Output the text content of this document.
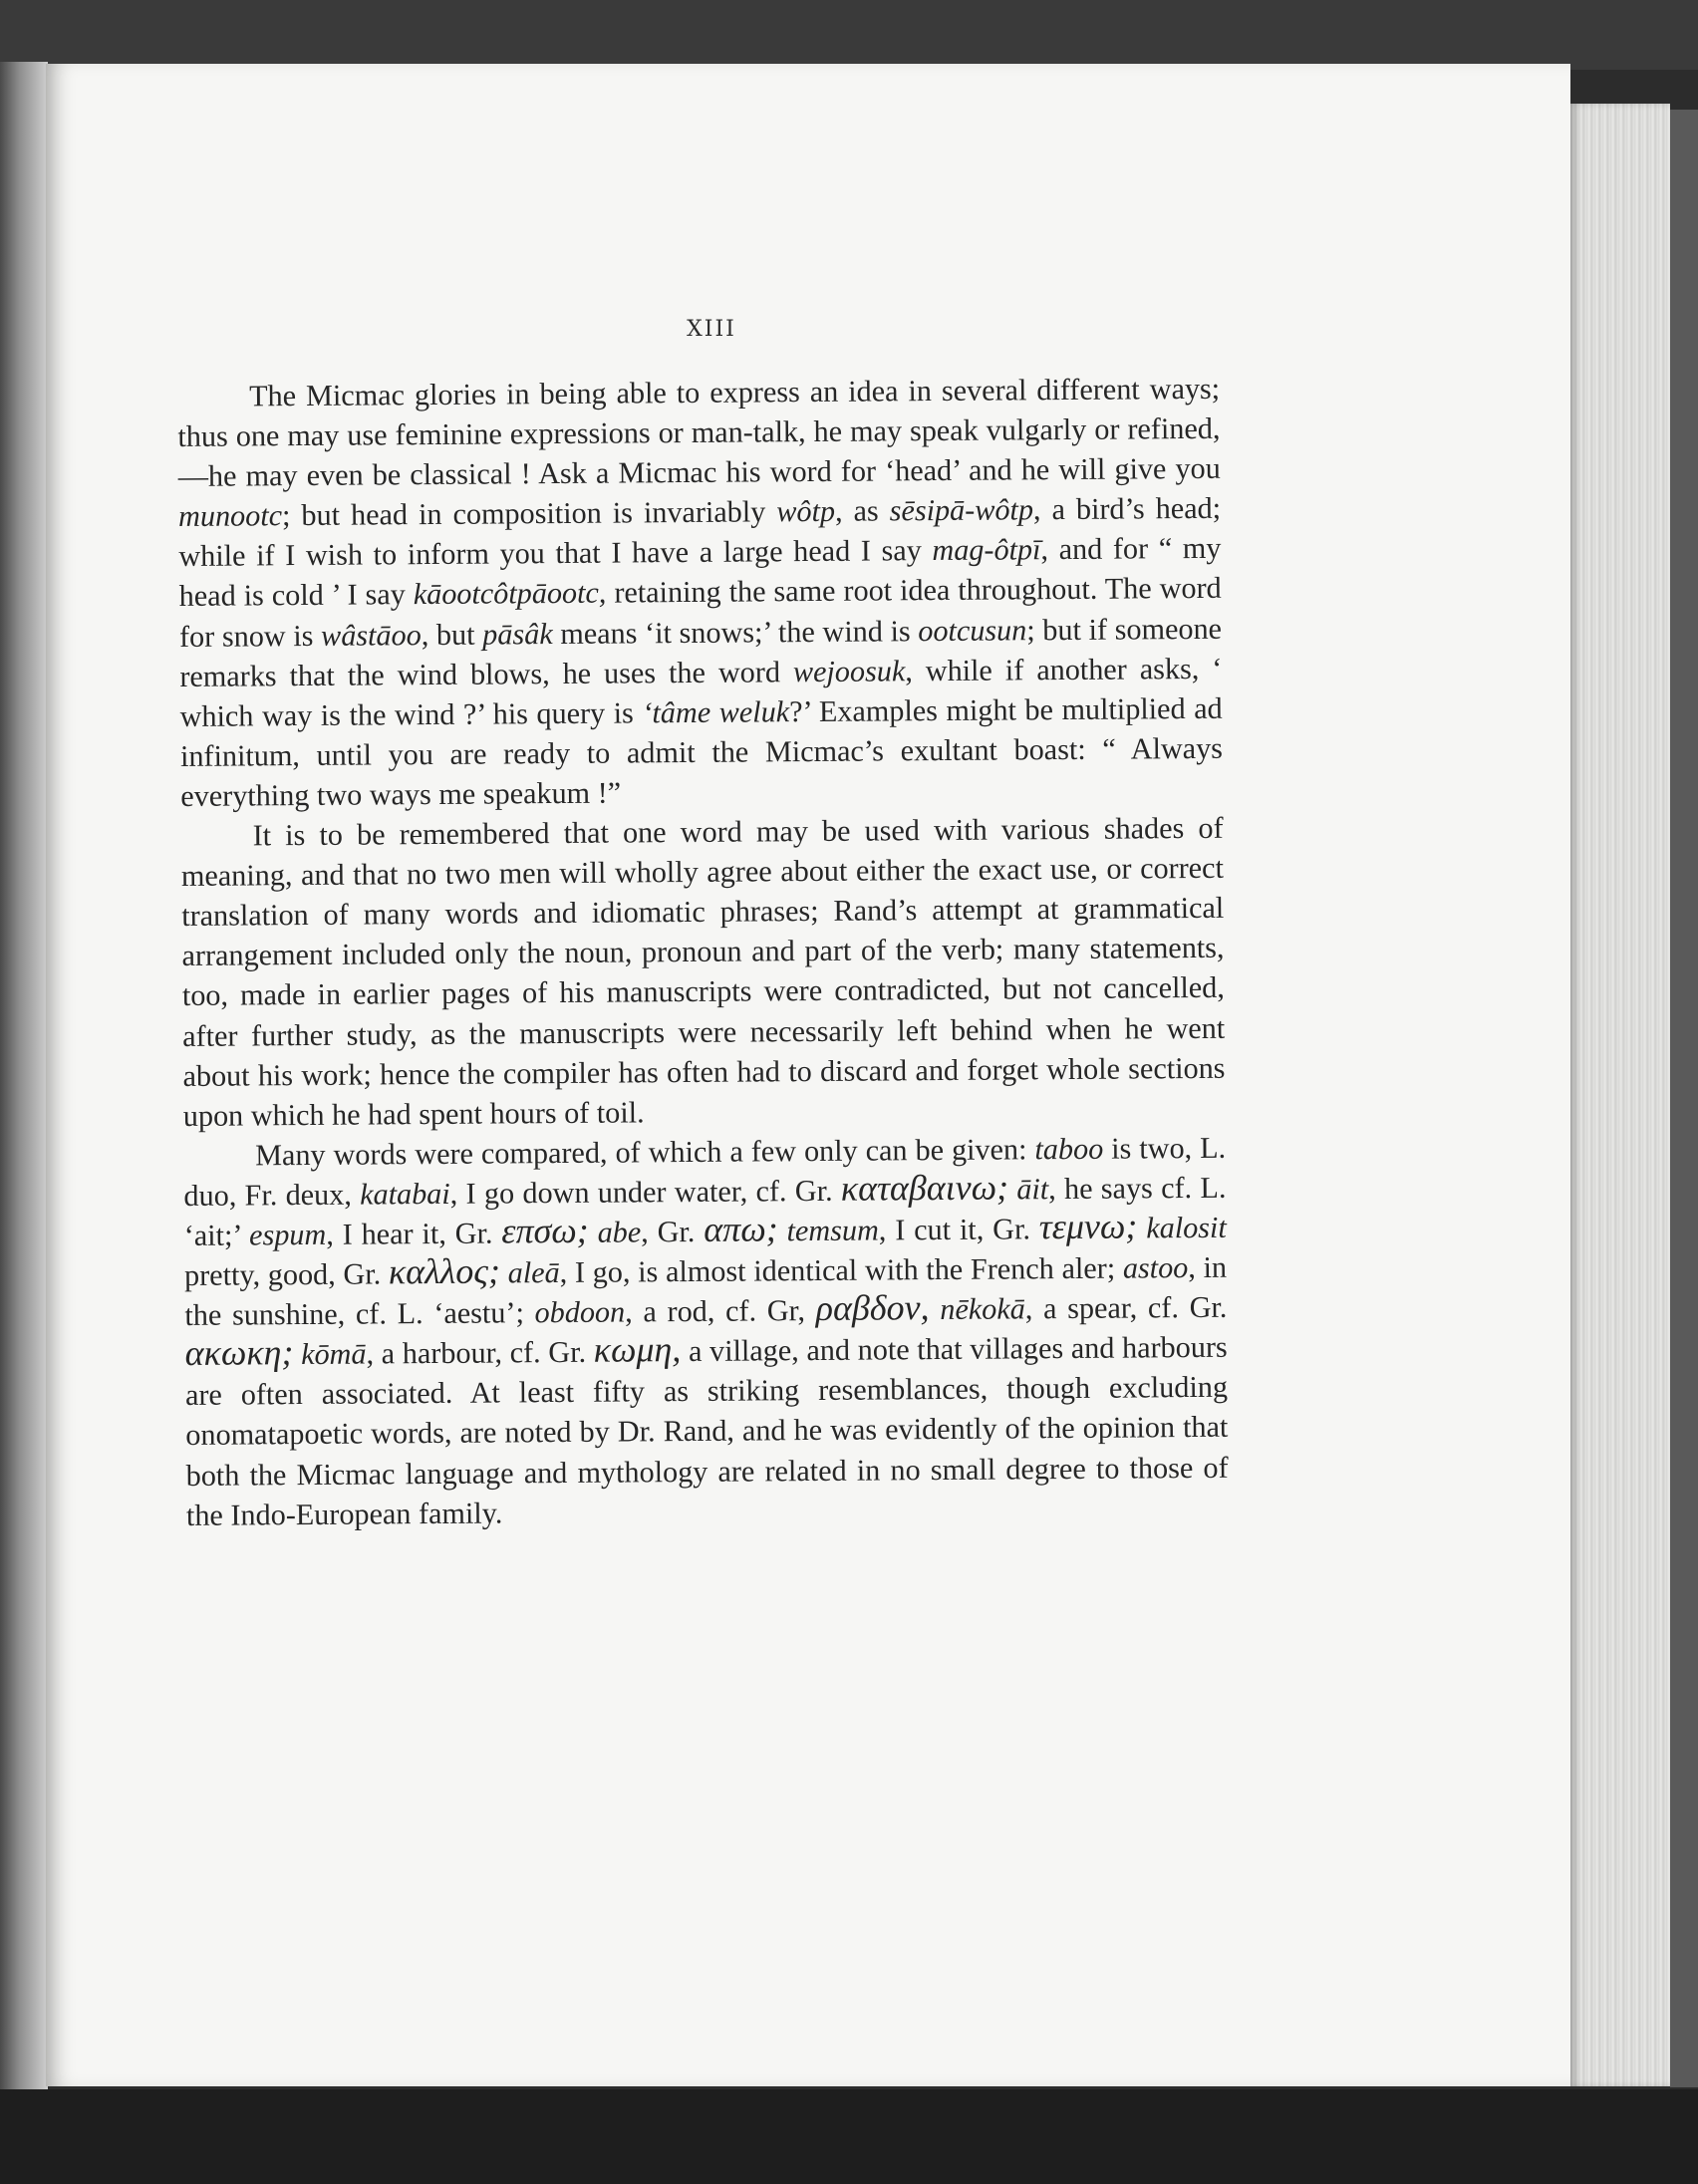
XIII

The Micmac glories in being able to express an idea in several different ways; thus one may use feminine expressions or man-talk, he may speak vulgarly or refined,—he may even be classical ! Ask a Micmac his word for ‘head’ and he will give you munootc; but head in composition is invariably wôtp, as sēsipā-wôtp, a bird’s head; while if I wish to inform you that I have a large head I say mag-ôtpī, and for “ my head is cold ’ I say kāootcôtpāootc, retaining the same root idea throughout. The word for snow is wâstāoo, but pāsâk means ‘it snows;’ the wind is ootcusun; but if someone remarks that the wind blows, he uses the word wejoosuk, while if another asks, ‘ which way is the wind ?’ his query is ‘tâme weluk?’ Examples might be multiplied ad infinitum, until you are ready to admit the Micmac’s exultant boast: “ Always everything two ways me speakum !”

It is to be remembered that one word may be used with various shades of meaning, and that no two men will wholly agree about either the exact use, or correct translation of many words and idiomatic phrases; Rand’s attempt at grammatical arrangement included only the noun, pronoun and part of the verb; many statements, too, made in earlier pages of his manuscripts were contradicted, but not cancelled, after further study, as the manuscripts were necessarily left behind when he went about his work; hence the compiler has often had to discard and forget whole sections upon which he had spent hours of toil.

Many words were compared, of which a few only can be given: taboo is two, L. duo, Fr. deux, katabai, I go down under water, cf. Gr. καταβαινω; āit, he says cf. L. ‘ait;’ espum, I hear it, Gr. επσω; abe, Gr. απω; temsum, I cut it, Gr. τεμνω; kalosit pretty, good, Gr. καλλος; aleā, I go, is almost identical with the French aler; astoo, in the sunshine, cf. L. ‘aestu’; obdoon, a rod, cf. Gr, ραβδον, nēkokā, a spear, cf. Gr. ακωκη; kōmā, a harbour, cf. Gr. κωμη, a village, and note that villages and harbours are often associated. At least fifty as striking resemblances, though excluding onomatapoetic words, are noted by Dr. Rand, and he was evidently of the opinion that both the Micmac language and mythology are related in no small degree to those of the Indo-European family.
